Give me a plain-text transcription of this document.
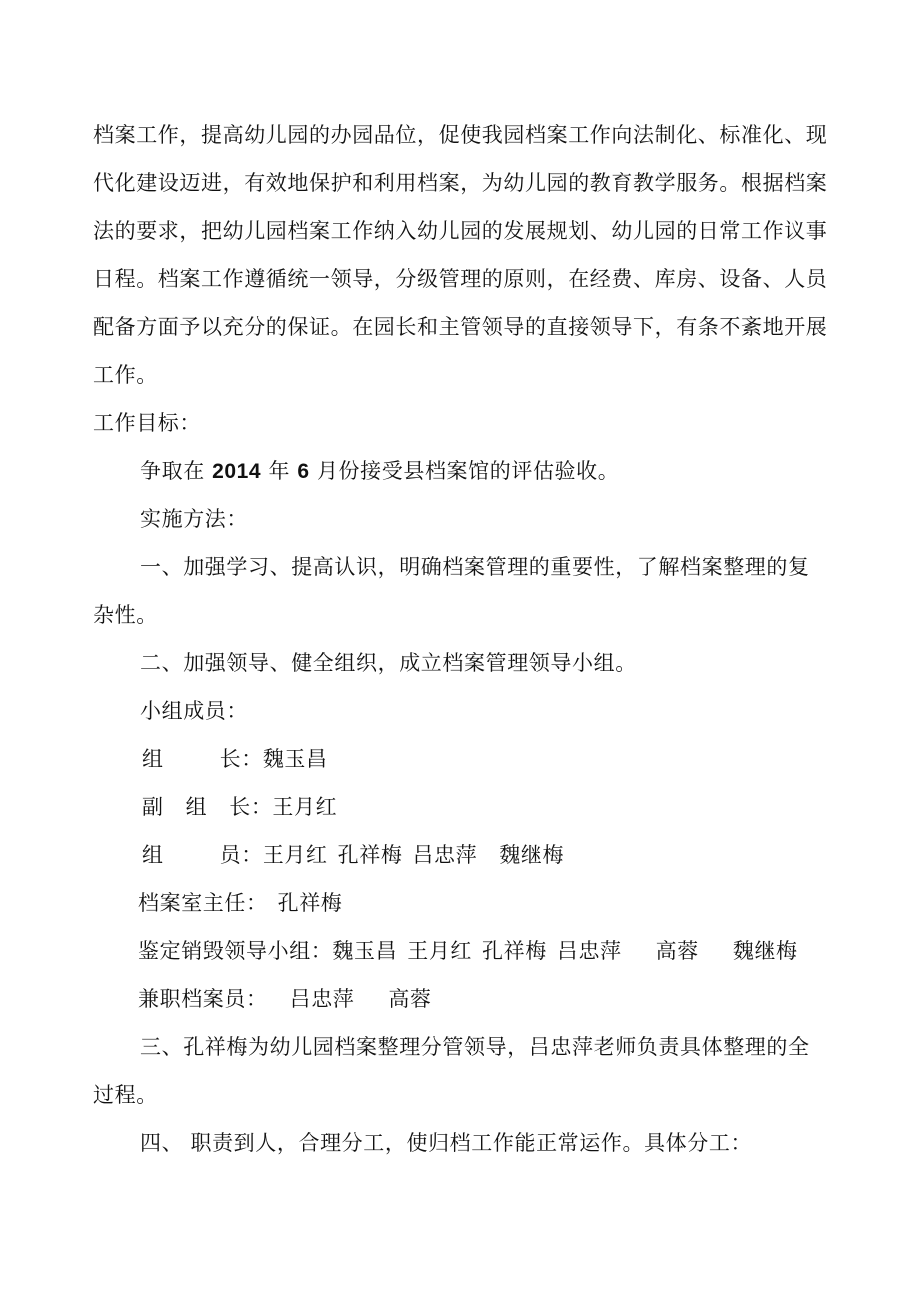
档案工作，提高幼儿园的办园品位，促使我园档案工作向法制化、标准化、现
代化建设迈进，有效地保护和利用档案，为幼儿园的教育教学服务。根据档案
法的要求，把幼儿园档案工作纳入幼儿园的发展规划、幼儿园的日常工作议事
日程。档案工作遵循统一领导，分级管理的原则，在经费、库房、设备、人员
配备方面予以充分的保证。在园长和主管领导的直接领导下，有条不紊地开展
工作。
工作目标：
争取在 2014 年 6 月份接受县档案馆的评估验收。
实施方法：
一、加强学习、提高认识，明确档案管理的重要性，了解档案整理的复
杂性。
二、加强领导、健全组织，成立档案管理领导小组。
小组成员：
组	长：魏玉昌
副 组 长：王月红
组	员：王月红 孔祥梅 吕忠萍 魏继梅
档案室主任： 孔祥梅
鉴定销毁领导小组：魏玉昌 王月红 孔祥梅 吕忠萍 高蓉 魏继梅
兼职档案员： 吕忠萍 高蓉
三、孔祥梅为幼儿园档案整理分管领导，吕忠萍老师负责具体整理的全
过程。
四、 职责到人，合理分工，使归档工作能正常运作。具体分工：
